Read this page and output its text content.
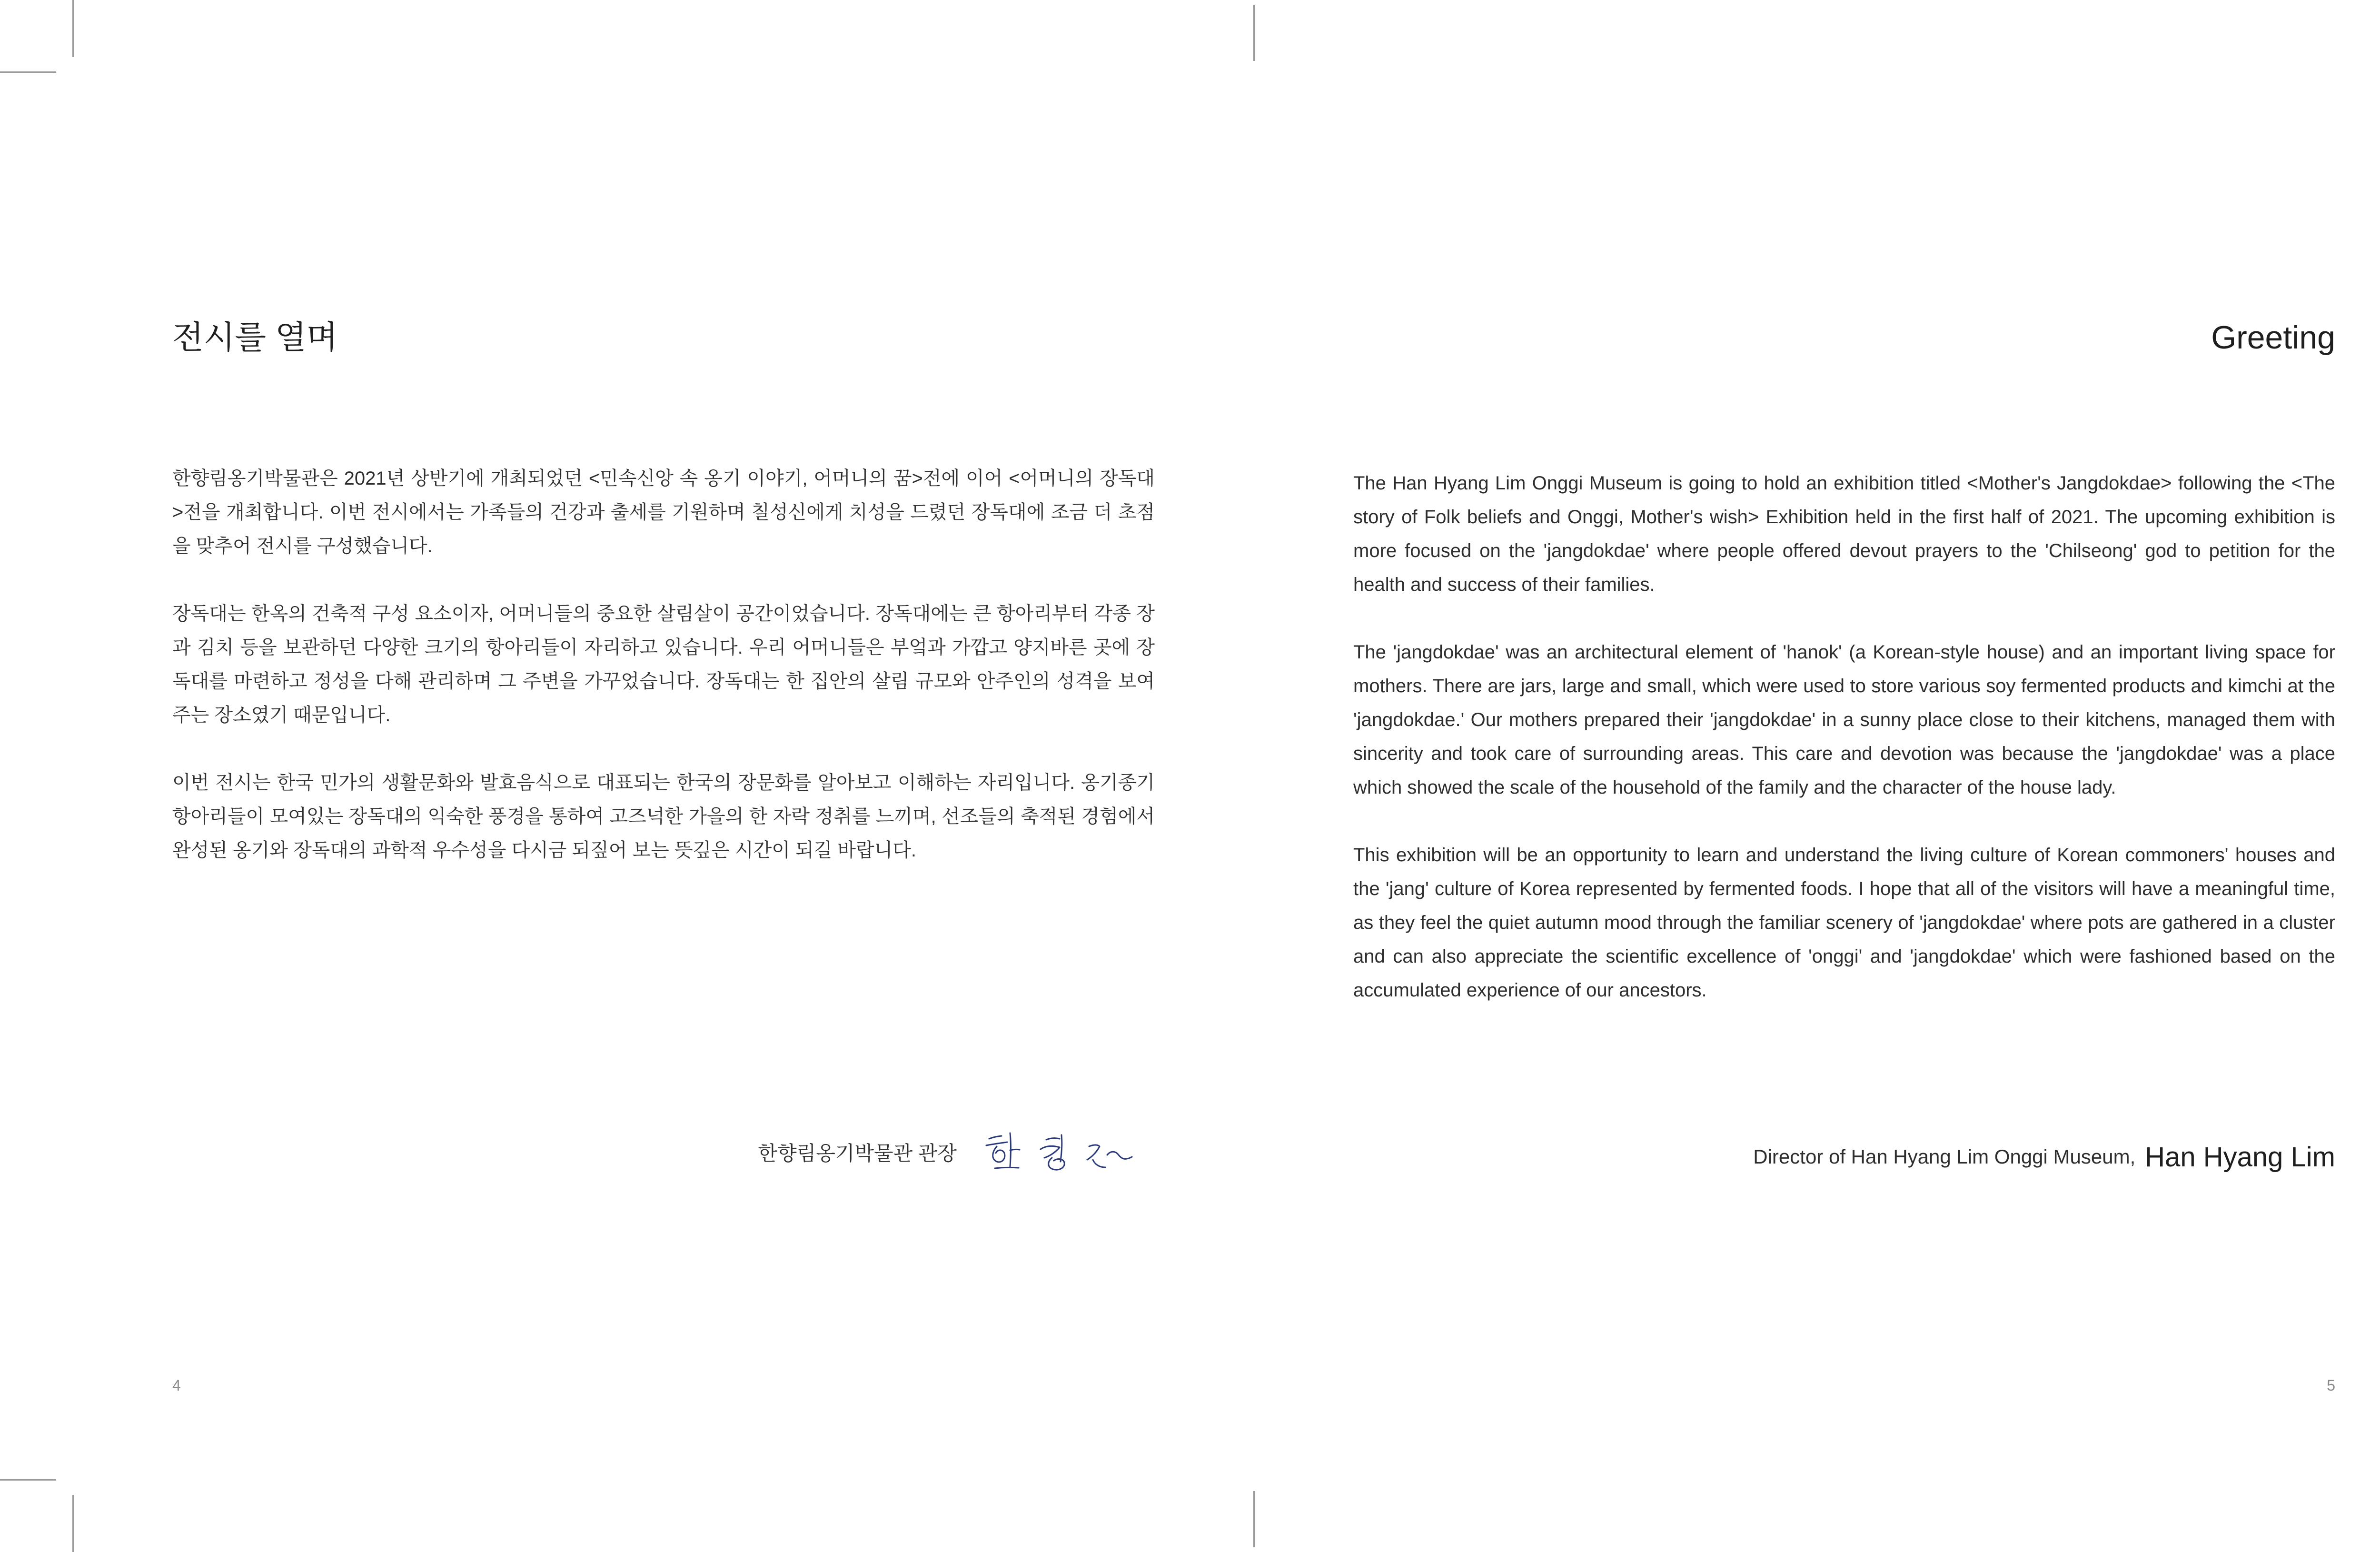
전시를 열며

한향림옹기박물관은 2021년 상반기에 개최되었던 <민속신앙 속 옹기 이야기, 어머니의 꿈>전에 이어 <어머니의 장독대>전을 개최합니다. 이번 전시에서는 가족들의 건강과 출세를 기원하며 칠성신에게 치성을 드렸던 장독대에 조금 더 초점을 맞추어 전시를 구성했습니다.

장독대는 한옥의 건축적 구성 요소이자, 어머니들의 중요한 살림살이 공간이었습니다. 장독대에는 큰 항아리부터 각종 장과 김치 등을 보관하던 다양한 크기의 항아리들이 자리하고 있습니다. 우리 어머니들은 부엌과 가깝고 양지바른 곳에 장독대를 마련하고 정성을 다해 관리하며 그 주변을 가꾸었습니다. 장독대는 한 집안의 살림 규모와 안주인의 성격을 보여주는 장소였기 때문입니다.

이번 전시는 한국 민가의 생활문화와 발효음식으로 대표되는 한국의 장문화를 알아보고 이해하는 자리입니다. 옹기종기 항아리들이 모여있는 장독대의 익숙한 풍경을 통하여 고즈넉한 가을의 한 자락 정취를 느끼며, 선조들의 축적된 경험에서 완성된 옹기와 장독대의 과학적 우수성을 다시금 되짚어 보는 뜻깊은 시간이 되길 바랍니다.

한향림옹기박물관 관장
4
Greeting

The Han Hyang Lim Onggi Museum is going to hold an exhibition titled <Mother's Jangdokdae> following the <The story of Folk beliefs and Onggi, Mother's wish> Exhibition held in the first half of 2021. The upcoming exhibition is more focused on the 'jangdokdae' where people offered devout prayers to the 'Chilseong' god to petition for the health and success of their families.

The 'jangdokdae' was an architectural element of 'hanok' (a Korean-style house) and an important living space for mothers. There are jars, large and small, which were used to store various soy fermented products and kimchi at the 'jangdokdae.' Our mothers prepared their 'jangdokdae' in a sunny place close to their kitchens, managed them with sincerity and took care of surrounding areas. This care and devotion was because the 'jangdokdae' was a place which showed the scale of the household of the family and the character of the house lady.

This exhibition will be an opportunity to learn and understand the living culture of Korean commoners' houses and the 'jang' culture of Korea represented by fermented foods. I hope that all of the visitors will have a meaningful time, as they feel the quiet autumn mood through the familiar scenery of 'jangdokdae' where pots are gathered in a cluster and can also appreciate the scientific excellence of 'onggi' and 'jangdokdae' which were fashioned based on the accumulated experience of our ancestors.

Director of Han Hyang Lim Onggi Museum, Han Hyang Lim
5
